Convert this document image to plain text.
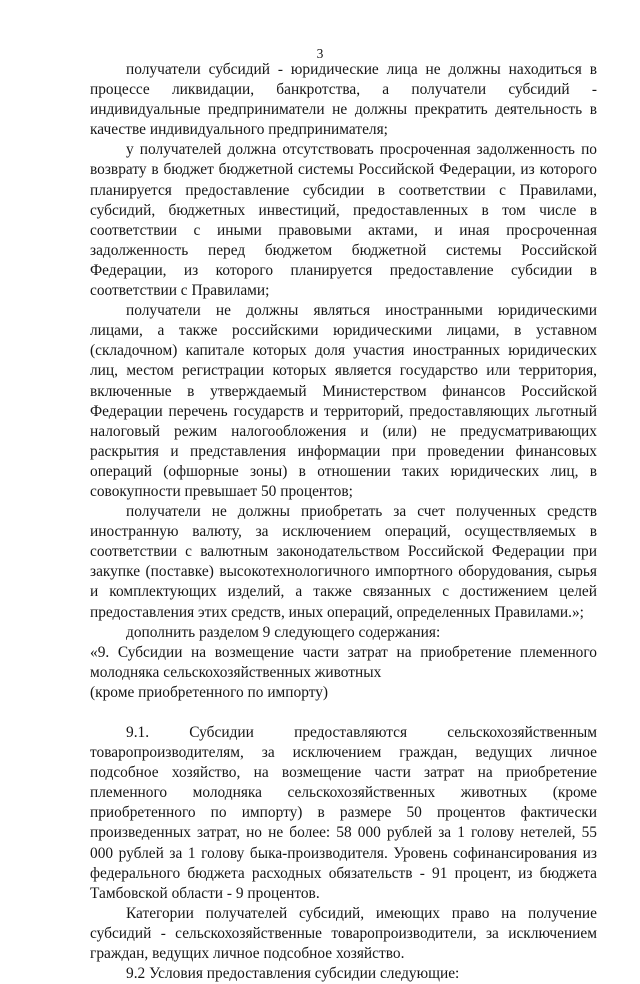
3

получатели субсидий - юридические лица не должны находиться в процессе ликвидации, банкротства, а получатели субсидий - индивидуальные предприниматели не должны прекратить деятельность в качестве индивидуального предпринимателя;

у получателей должна отсутствовать просроченная задолженность по возврату в бюджет бюджетной системы Российской Федерации, из которого планируется предоставление субсидии в соответствии с Правилами, субсидий, бюджетных инвестиций, предоставленных в том числе в соответствии с иными правовыми актами, и иная просроченная задолженность перед бюджетом бюджетной системы Российской Федерации, из которого планируется предоставление субсидии в соответствии с Правилами;

получатели не должны являться иностранными юридическими лицами, а также российскими юридическими лицами, в уставном (складочном) капитале которых доля участия иностранных юридических лиц, местом регистрации которых является государство или территория, включенные в утверждаемый Министерством финансов Российской Федерации перечень государств и территорий, предоставляющих льготный налоговый режим налогообложения и (или) не предусматривающих раскрытия и представления информации при проведении финансовых операций (офшорные зоны) в отношении таких юридических лиц, в совокупности превышает 50 процентов;

получатели не должны приобретать за счет полученных средств иностранную валюту, за исключением операций, осуществляемых в соответствии с валютным законодательством Российской Федерации при закупке (поставке) высокотехнологичного импортного оборудования, сырья и комплектующих изделий, а также связанных с достижением целей предоставления этих средств, иных операций, определенных Правилами.»;

дополнить разделом 9 следующего содержания:

«9. Субсидии на возмещение части затрат на приобретение племенного молодняка сельскохозяйственных животных

(кроме приобретенного по импорту)

9.1. Субсидии предоставляются сельскохозяйственным товаропроизводителям, за исключением граждан, ведущих личное подсобное хозяйство, на возмещение части затрат на приобретение племенного молодняка сельскохозяйственных животных (кроме приобретенного по импорту) в размере 50 процентов фактически произведенных затрат, но не более: 58 000 рублей за 1 голову нетелей, 55 000 рублей за 1 голову быка-производителя. Уровень софинансирования из федерального бюджета расходных обязательств - 91 процент, из бюджета Тамбовской области - 9 процентов.

Категории получателей субсидий, имеющих право на получение субсидий - сельскохозяйственные товаропроизводители, за исключением граждан, ведущих личное подсобное хозяйство.

9.2 Условия предоставления субсидии следующие:
